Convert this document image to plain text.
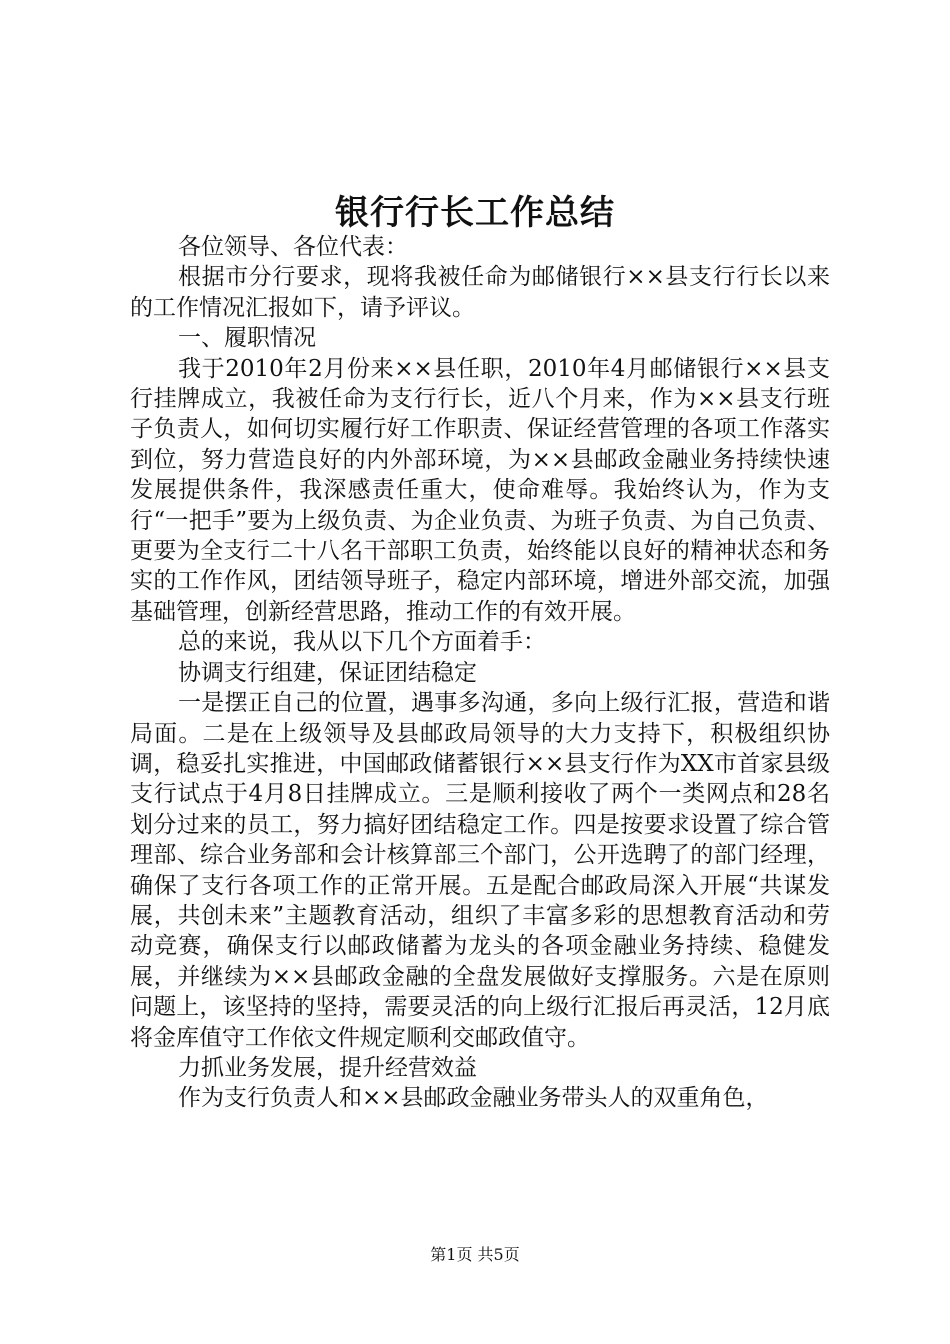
银行行长工作总结

各位领导、各位代表：

根据市分行要求，现将我被任命为邮储银行××县支行行长以来的工作情况汇报如下，请予评议。

一、履职情况

我于2010年2月份来××县任职，2010年4月邮储银行××县支行挂牌成立，我被任命为支行行长，近八个月来，作为××县支行班子负责人，如何切实履行好工作职责、保证经营管理的各项工作落实到位，努力营造良好的内外部环境，为××县邮政金融业务持续快速发展提供条件，我深感责任重大，使命难辱。我始终认为，作为支行“一把手”要为上级负责、为企业负责、为班子负责、为自己负责、更要为全支行二十八名干部职工负责，始终能以良好的精神状态和务实的工作作风，团结领导班子，稳定内部环境，增进外部交流，加强基础管理，创新经营思路，推动工作的有效开展。

总的来说，我从以下几个方面着手：

协调支行组建，保证团结稳定

一是摆正自己的位置，遇事多沟通，多向上级行汇报，营造和谐局面。二是在上级领导及县邮政局领导的大力支持下，积极组织协调，稳妥扎实推进，中国邮政储蓄银行××县支行作为XX市首家县级支行试点于4月8日挂牌成立。三是顺利接收了两个一类网点和28名划分过来的员工，努力搞好团结稳定工作。四是按要求设置了综合管理部、综合业务部和会计核算部三个部门，公开选聘了的部门经理，确保了支行各项工作的正常开展。五是配合邮政局深入开展“共谋发展，共创未来”主题教育活动，组织了丰富多彩的思想教育活动和劳动竞赛，确保支行以邮政储蓄为龙头的各项金融业务持续、稳健发展，并继续为××县邮政金融的全盘发展做好支撑服务。六是在原则问题上，该坚持的坚持，需要灵活的向上级行汇报后再灵活，12月底将金库值守工作依文件规定顺利交邮政值守。

力抓业务发展，提升经营效益

作为支行负责人和××县邮政金融业务带头人的双重角色，

第1页 共5页
